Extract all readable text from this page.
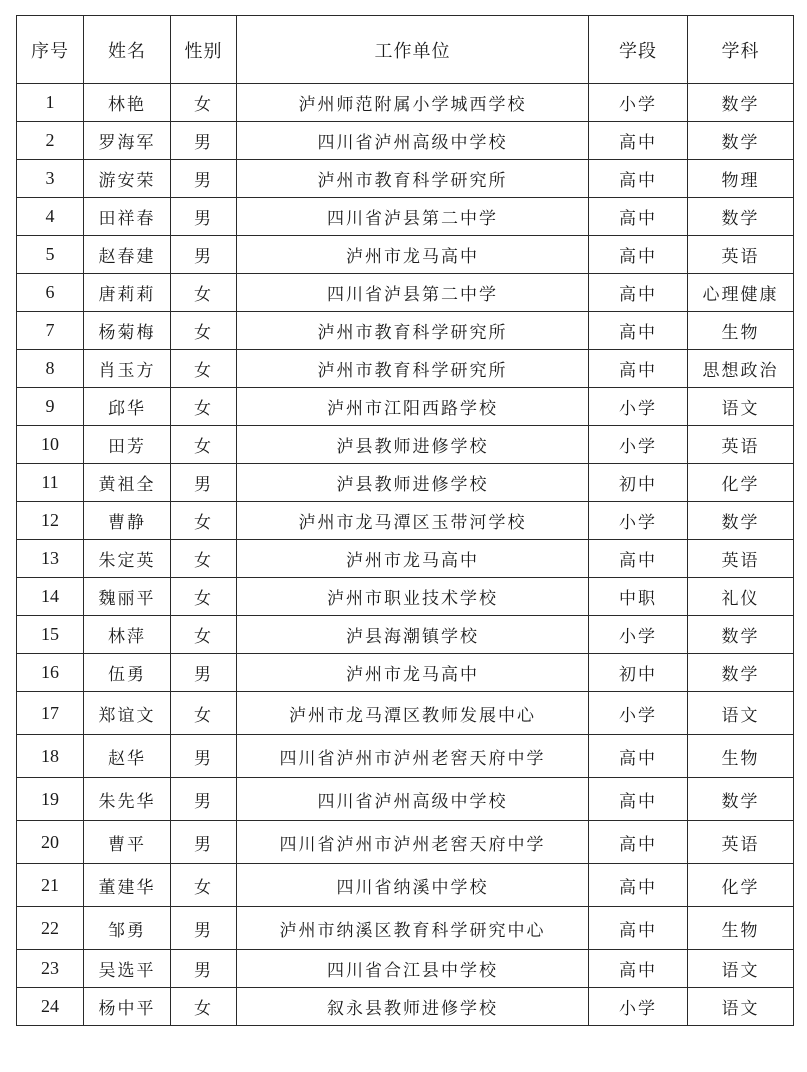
序号	姓名	性别	工作单位	学段	学科
1	林艳	女	泸州师范附属小学城西学校	小学	数学
2	罗海军	男	四川省泸州高级中学校	高中	数学
3	游安荣	男	泸州市教育科学研究所	高中	物理
4	田祥春	男	四川省泸县第二中学	高中	数学
5	赵春建	男	泸州市龙马高中	高中	英语
6	唐莉莉	女	四川省泸县第二中学	高中	心理健康
7	杨菊梅	女	泸州市教育科学研究所	高中	生物
8	肖玉方	女	泸州市教育科学研究所	高中	思想政治
9	邱华	女	泸州市江阳西路学校	小学	语文
10	田芳	女	泸县教师进修学校	小学	英语
11	黄祖全	男	泸县教师进修学校	初中	化学
12	曹静	女	泸州市龙马潭区玉带河学校	小学	数学
13	朱定英	女	泸州市龙马高中	高中	英语
14	魏丽平	女	泸州市职业技术学校	中职	礼仪
15	林萍	女	泸县海潮镇学校	小学	数学
16	伍勇	男	泸州市龙马高中	初中	数学
17	郑谊文	女	泸州市龙马潭区教师发展中心	小学	语文
18	赵华	男	四川省泸州市泸州老窖天府中学	高中	生物
19	朱先华	男	四川省泸州高级中学校	高中	数学
20	曹平	男	四川省泸州市泸州老窖天府中学	高中	英语
21	董建华	女	四川省纳溪中学校	高中	化学
22	邹勇	男	泸州市纳溪区教育科学研究中心	高中	生物
23	吴选平	男	四川省合江县中学校	高中	语文
24	杨中平	女	叙永县教师进修学校	小学	语文
